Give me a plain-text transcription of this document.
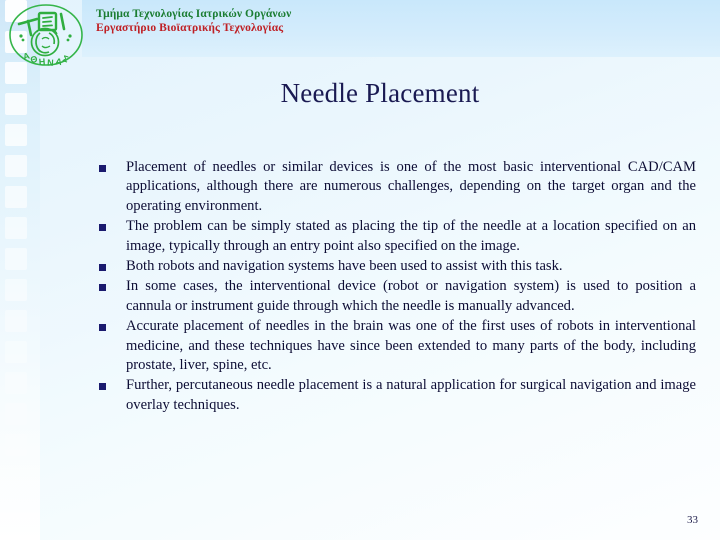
Α
Θ Η Ν Α
Σ
Τμήμα Τεχνολογίας Ιατρικών Οργάνων
Εργαστήριο Βιοϊατρικής Τεχνολογίας
Needle Placement
Placement of needles or similar devices is one of the most basic interventional CAD/CAM applications, although there are numerous challenges, depending on the target organ and the operating environment.
The problem can be simply stated as placing the tip of the needle at a location specified on an image, typically through an entry point also specified on the image.
Both robots and navigation systems have been used to assist with this task.
In some cases, the interventional device (robot or navigation system) is used to position a cannula or instrument guide through which the needle is manually advanced.
Accurate placement of needles in the brain was one of the first uses of robots in interventional medicine, and these techniques have since been extended to many parts of the body, including prostate, liver, spine, etc.
Further, percutaneous needle placement is a natural application for surgical navigation and image overlay techniques.
33
